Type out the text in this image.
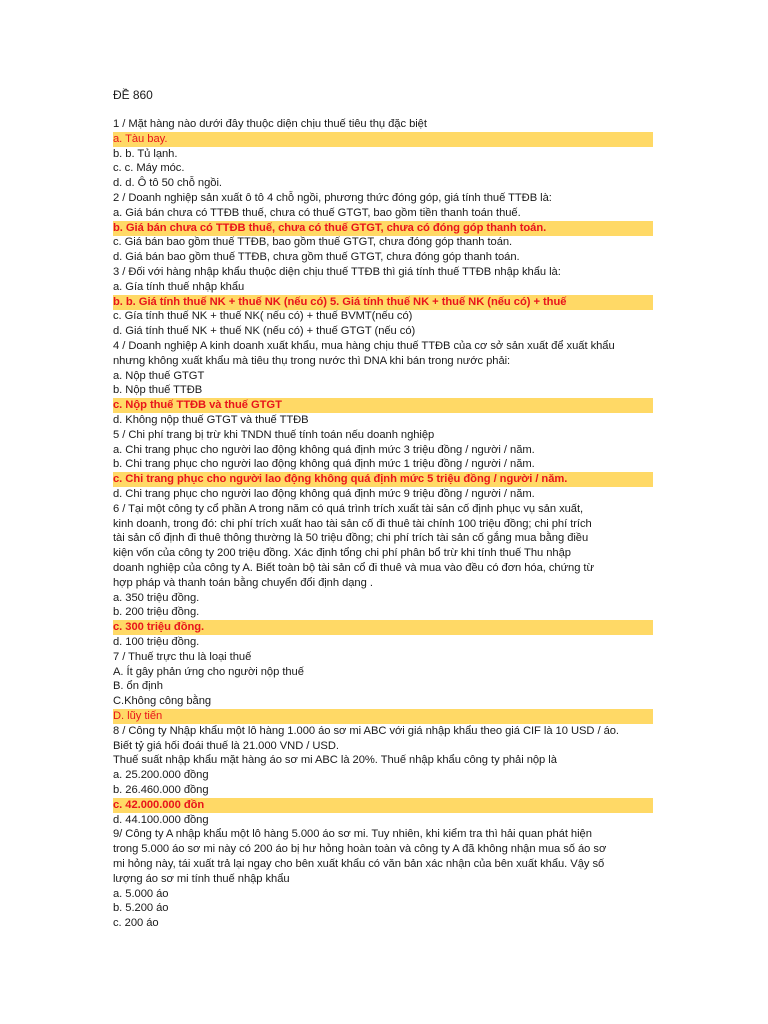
ĐỀ 860
1 / Mặt hàng nào dưới đây thuộc diện chịu thuế tiêu thụ đặc biệt
a. Tàu bay.
b. b. Tủ lạnh.
c. c. Máy móc.
d. d. Ô tô 50 chỗ ngồi.
2 / Doanh nghiệp sản xuất ô tô 4 chỗ ngồi, phương thức đóng góp, giá tính thuế TTĐB là:
a. Giá bán chưa có TTĐB thuế, chưa có thuế GTGT, bao gồm tiền thanh toán thuế.
b. Giá bán chưa có TTĐB thuế, chưa có thuế GTGT, chưa có đóng góp thanh toán.
c. Giá bán bao gồm thuế TTĐB, bao gồm thuế GTGT, chưa đóng góp thanh toán.
d. Giá bán bao gồm thuế TTĐB, chưa gồm thuế GTGT, chưa đóng góp thanh toán.
3 / Đối với hàng nhập khẩu thuộc diện chịu thuế TTĐB thì giá tính thuế TTĐB nhập khẩu là:
a. Gía tính thuế nhập khẩu
b. b. Giá tính thuế NK + thuế NK (nếu có) 5. Giá tính thuế NK + thuế NK (nếu có) + thuế
c. Gía tính thuế NK + thuế NK( nếu có) + thuế BVMT(nếu có)
d. Giá tính thuế NK + thuế NK (nếu có) + thuế GTGT (nếu có)
4 / Doanh nghiệp A kinh doanh xuất khẩu, mua hàng chịu thuế TTĐB của cơ sở sản xuất để xuất khẩu
nhưng không xuất khẩu mà tiêu thụ trong nước thì DNA khi bán trong nước phải:
a. Nộp thuế GTGT
b. Nộp thuế TTĐB
c. Nộp thuế TTĐB và thuế GTGT
d. Không nộp thuế GTGT và thuế TTĐB
5 / Chi phí trang bị trừ khi TNDN thuế tính toán nếu doanh nghiệp
a. Chi trang phục cho người lao động không quá định mức 3 triệu đồng / người / năm.
b. Chi trang phục cho người lao động không quá định mức 1 triệu đồng / người / năm.
c. Chi trang phục cho người lao động không quá định mức 5 triệu đồng / người / năm.
d. Chi trang phục cho người lao động không quá định mức 9 triệu đồng / người / năm.
6 / Tại một công ty cổ phần A trong năm có quá trình trích xuất tài sản cố định phục vụ sản xuất,
kinh doanh, trong đó: chi phí trích xuất hao tài sản cố đi thuê tài chính 100 triệu đồng; chi phí trích
tài sản cố định đi thuê thông thường là 50 triệu đồng; chi phí trích tài sản cố gắng mua bằng điều
kiện vốn của công ty 200 triệu đồng. Xác định tổng chi phí phân bổ trừ khi tính thuế Thu nhập
doanh nghiệp của công ty A. Biết toàn bộ tài sản cổ đi thuê và mua vào đều có đơn hóa, chứng từ
hợp pháp và thanh toán bằng chuyển đổi định dạng .
a. 350 triệu đồng.
b. 200 triệu đồng.
c. 300 triệu đồng.
d. 100 triệu đồng.
7 / Thuế trực thu là loại thuế
A. Ít gây phản ứng cho người nộp thuế
B. ổn định
C.Không công bằng
D. lũy tiến
8 / Công ty Nhập khẩu một lô hàng 1.000 áo sơ mi ABC với giá nhập khẩu theo giá CIF là 10 USD / áo.
Biết tỷ giá hối đoái thuế là 21.000 VND / USD.
Thuế suất nhập khẩu mặt hàng áo sơ mi ABC là 20%. Thuế nhập khẩu công ty phải nộp là
a. 25.200.000 đồng
b. 26.460.000 đồng
c. 42.000.000 đồn
d. 44.100.000 đồng
9/ Công ty A nhập khẩu một lô hàng 5.000 áo sơ mi. Tuy nhiên, khi kiểm tra thì hải quan phát hiện
trong 5.000 áo sơ mi này có 200 áo bị hư hỏng hoàn toàn và công ty A đã không nhận mua số áo sơ
mi hỏng này, tái xuất trả lại ngay cho bên xuất khẩu có văn bản xác nhận của bên xuất khẩu. Vậy số
lượng áo sơ mi tính thuế nhập khẩu
a. 5.000 áo
b. 5.200 áo
c. 200 áo
